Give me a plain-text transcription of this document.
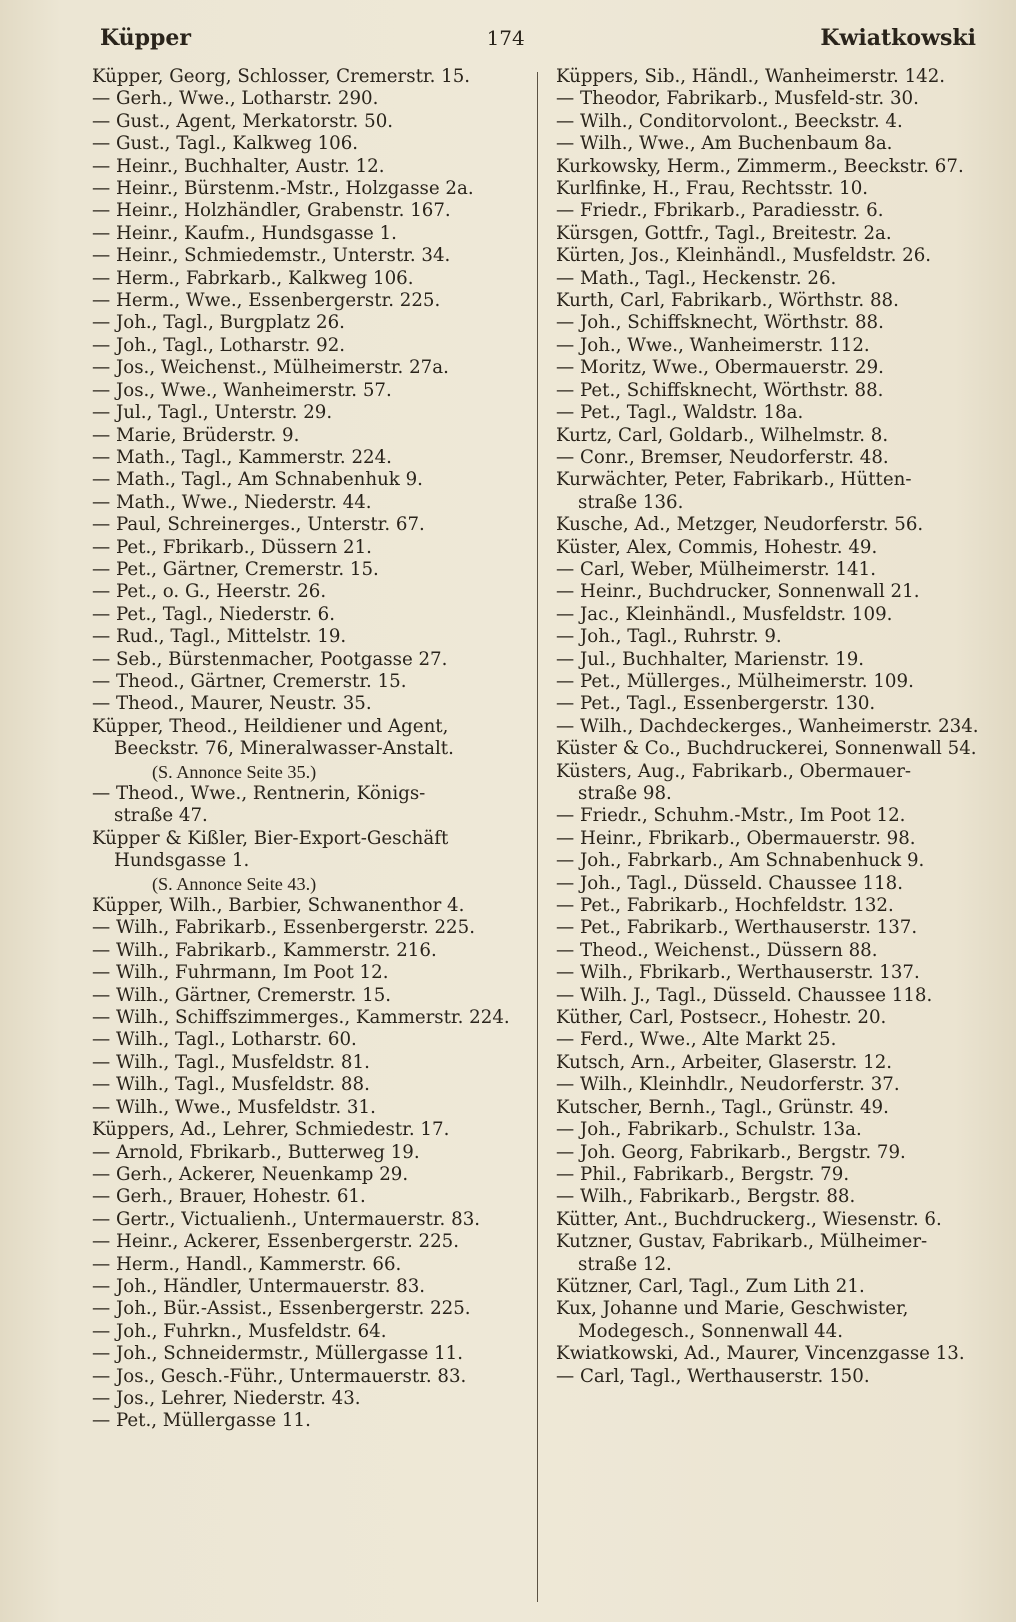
Küpper	174	Kwiatkowski
Küpper, Georg, Schlosser, Cremerstr. 15.
— Gerh., Wwe., Lotharstr. 290.
— Gust., Agent, Merkatorstr. 50.
— Gust., Tagl., Kalkweg 106.
— Heinr., Buchhalter, Austr. 12.
— Heinr., Bürstenm.-Mstr., Holzgasse 2a.
— Heinr., Holzhändler, Grabenstr. 167.
— Heinr., Kaufm., Hundsgasse 1.
— Heinr., Schmiedemstr., Unterstr. 34.
— Herm., Fabrkarb., Kalkweg 106.
— Herm., Wwe., Essenbergerstr. 225.
— Joh., Tagl., Burgplatz 26.
— Joh., Tagl., Lotharstr. 92.
— Jos., Weichenst., Mülheimerstr. 27a.
— Jos., Wwe., Wanheimerstr. 57.
— Jul., Tagl., Unterstr. 29.
— Marie, Brüderstr. 9.
— Math., Tagl., Kammerstr. 224.
— Math., Tagl., Am Schnabenhuk 9.
— Math., Wwe., Niederstr. 44.
— Paul, Schreinerges., Unterstr. 67.
— Pet., Fbrikarb., Düssern 21.
— Pet., Gärtner, Cremerstr. 15.
— Pet., o. G., Heerstr. 26.
— Pet., Tagl., Niederstr. 6.
— Rud., Tagl., Mittelstr. 19.
— Seb., Bürstenmacher, Pootgasse 27.
— Theod., Gärtner, Cremerstr. 15.
— Theod., Maurer, Neustr. 35.
Küpper, Theod., Heildiener und Agent,
Beeckstr. 76, Mineralwasser-Anstalt.
(S. Annonce Seite 35.)
— Theod., Wwe., Rentnerin, Königs-
straße 47.
Küpper & Kißler, Bier-Export-Geschäft
Hundsgasse 1.
(S. Annonce Seite 43.)
Küpper, Wilh., Barbier, Schwanenthor 4.
— Wilh., Fabrikarb., Essenbergerstr. 225.
— Wilh., Fabrikarb., Kammerstr. 216.
— Wilh., Fuhrmann, Im Poot 12.
— Wilh., Gärtner, Cremerstr. 15.
— Wilh., Schiffszimmerges., Kammerstr. 224.
— Wilh., Tagl., Lotharstr. 60.
— Wilh., Tagl., Musfeldstr. 81.
— Wilh., Tagl., Musfeldstr. 88.
— Wilh., Wwe., Musfeldstr. 31.
Küppers, Ad., Lehrer, Schmiedestr. 17.
— Arnold, Fbrikarb., Butterweg 19.
— Gerh., Ackerer, Neuenkamp 29.
— Gerh., Brauer, Hohestr. 61.
— Gertr., Victualienh., Untermauerstr. 83.
— Heinr., Ackerer, Essenbergerstr. 225.
— Herm., Handl., Kammerstr. 66.
— Joh., Händler, Untermauerstr. 83.
— Joh., Bür.-Assist., Essenbergerstr. 225.
— Joh., Fuhrkn., Musfeldstr. 64.
— Joh., Schneidermstr., Müllergasse 11.
— Jos., Gesch.-Führ., Untermauerstr. 83.
— Jos., Lehrer, Niederstr. 43.
— Pet., Müllergasse 11.
Küppers, Sib., Händl., Wanheimerstr. 142.
— Theodor, Fabrikarb., Musfeld-str. 30.
— Wilh., Conditorvolont., Beeckstr. 4.
— Wilh., Wwe., Am Buchenbaum 8a.
Kurkowsky, Herm., Zimmerm., Beeckstr. 67.
Kurlfinke, H., Frau, Rechtsstr. 10.
— Friedr., Fbrikarb., Paradiesstr. 6.
Kürsgen, Gottfr., Tagl., Breitestr. 2a.
Kürten, Jos., Kleinhändl., Musfeldstr. 26.
— Math., Tagl., Heckenstr. 26.
Kurth, Carl, Fabrikarb., Wörthstr. 88.
— Joh., Schiffsknecht, Wörthstr. 88.
— Joh., Wwe., Wanheimerstr. 112.
— Moritz, Wwe., Obermauerstr. 29.
— Pet., Schiffsknecht, Wörthstr. 88.
— Pet., Tagl., Waldstr. 18a.
Kurtz, Carl, Goldarb., Wilhelmstr. 8.
— Conr., Bremser, Neudorferstr. 48.
Kurwächter, Peter, Fabrikarb., Hütten-
straße 136.
Kusche, Ad., Metzger, Neudorferstr. 56.
Küster, Alex, Commis, Hohestr. 49.
— Carl, Weber, Mülheimerstr. 141.
— Heinr., Buchdrucker, Sonnenwall 21.
— Jac., Kleinhändl., Musfeldstr. 109.
— Joh., Tagl., Ruhrstr. 9.
— Jul., Buchhalter, Marienstr. 19.
— Pet., Müllerges., Mülheimerstr. 109.
— Pet., Tagl., Essenbergerstr. 130.
— Wilh., Dachdeckerges., Wanheimerstr. 234.
Küster & Co., Buchdruckerei, Sonnenwall 54.
Küsters, Aug., Fabrikarb., Obermauer-
straße 98.
— Friedr., Schuhm.-Mstr., Im Poot 12.
— Heinr., Fbrikarb., Obermauerstr. 98.
— Joh., Fabrkarb., Am Schnabenhuck 9.
— Joh., Tagl., Düsseld. Chaussee 118.
— Pet., Fabrikarb., Hochfeldstr. 132.
— Pet., Fabrikarb., Werthauserstr. 137.
— Theod., Weichenst., Düssern 88.
— Wilh., Fbrikarb., Werthauserstr. 137.
— Wilh. J., Tagl., Düsseld. Chaussee 118.
Küther, Carl, Postsecr., Hohestr. 20.
— Ferd., Wwe., Alte Markt 25.
Kutsch, Arn., Arbeiter, Glaserstr. 12.
— Wilh., Kleinhdlr., Neudorferstr. 37.
Kutscher, Bernh., Tagl., Grünstr. 49.
— Joh., Fabrikarb., Schulstr. 13a.
— Joh. Georg, Fabrikarb., Bergstr. 79.
— Phil., Fabrikarb., Bergstr. 79.
— Wilh., Fabrikarb., Bergstr. 88.
Kütter, Ant., Buchdruckerg., Wiesenstr. 6.
Kutzner, Gustav, Fabrikarb., Mülheimer-
straße 12.
Kützner, Carl, Tagl., Zum Lith 21.
Kux, Johanne und Marie, Geschwister,
Modegesch., Sonnenwall 44.
Kwiatkowski, Ad., Maurer, Vincenzgasse 13.
— Carl, Tagl., Werthauserstr. 150.
